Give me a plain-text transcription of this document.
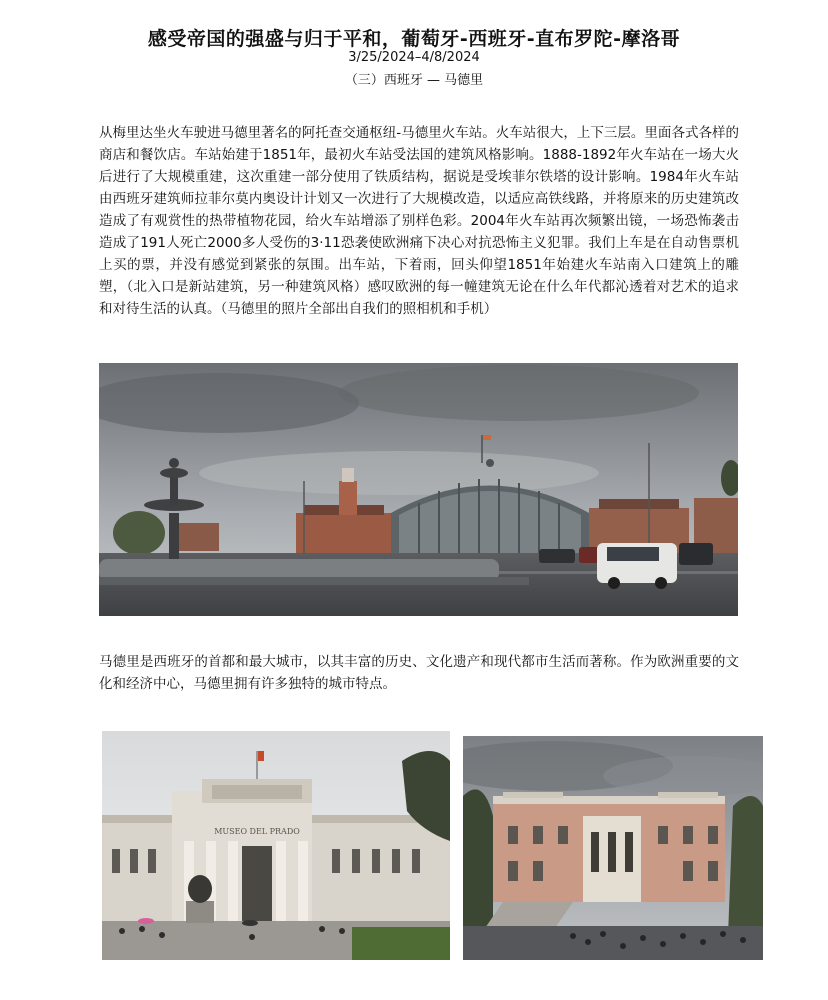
感受帝国的强盛与归于平和，葡萄牙-西班牙-直布罗陀-摩洛哥
3/25/2024–4/8/2024
（三）西班牙 — 马德里

从梅里达坐火车驶进马德里著名的阿托查交通枢纽-马德里火车站。火车站很大，上下三层。里面各式各样的商店和餐饮店。车站始建于1851年，最初火车站受法国的建筑风格影响。1888-1892年火车站在一场大火后进行了大规模重建，这次重建一部分使用了铁质结构，据说是受埃菲尔铁塔的设计影响。1984年火车站由西班牙建筑师拉菲尔莫内奥设计计划又一次进行了大规模改造，以适应高铁线路，并将原来的历史建筑改造成了有观赏性的热带植物花园，给火车站增添了别样色彩。2004年火车站再次频繁出镜，一场恐怖袭击造成了191人死亡2000多人受伤的3·11恐袭使欧洲痛下决心对抗恐怖主义犯罪。我们上车是在自动售票机上买的票，并没有感觉到紧张的氛围。出车站，下着雨，回头仰望1851年始建火车站南入口建筑上的雕塑，（北入口是新站建筑，另一种建筑风格）感叹欧洲的每一幢建筑无论在什么年代都沁透着对艺术的追求和对待生活的认真。（马德里的照片全部出自我们的照相机和手机）

马德里是西班牙的首都和最大城市，以其丰富的历史、文化遗产和现代都市生活而著称。作为欧洲重要的文化和经济中心，马德里拥有许多独特的城市特点。

MUSEO DEL PRADO
